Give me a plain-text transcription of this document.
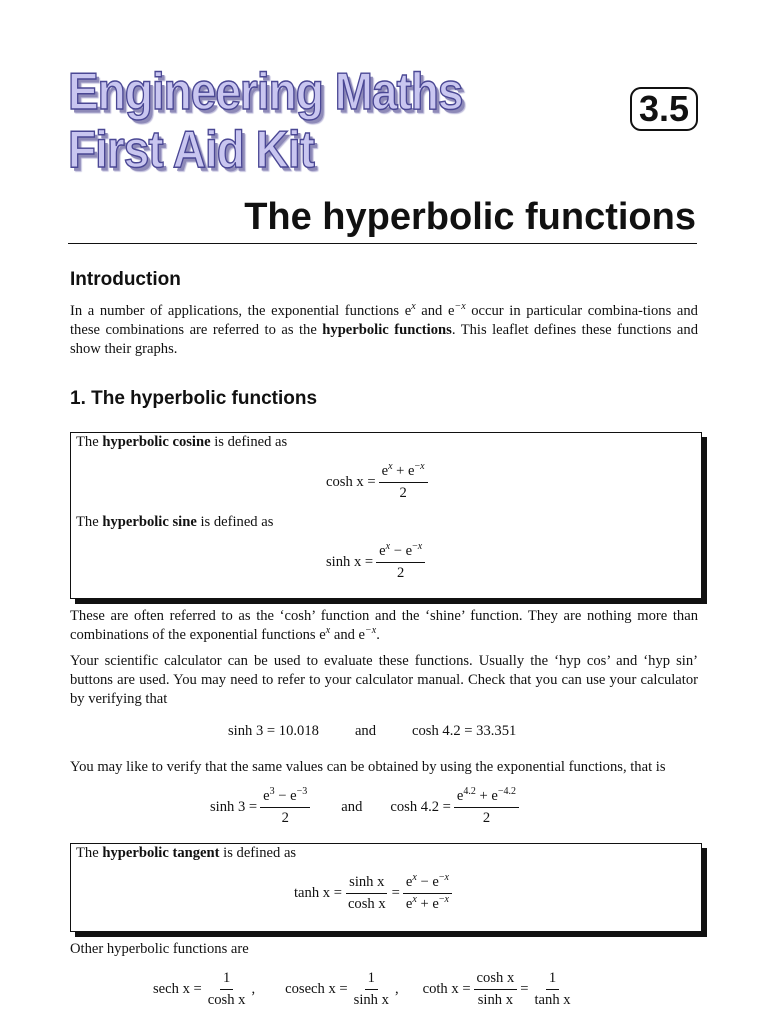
Engineering Maths
First Aid Kit
3.5
The hyperbolic functions
Introduction
In a number of applications, the exponential functions $e^x$ and $e^{-x}$ occur in particular combina-tions and these combinations are referred to as the hyperbolic functions. This leaflet defines these functions and show their graphs.
1. The hyperbolic functions
The hyperbolic cosine is defined as
$\cosh x = \frac{e^x + e^{-x}}{2}$
The hyperbolic sine is defined as
$\sinh x = \frac{e^x - e^{-x}}{2}$
These are often referred to as the ‘cosh’ function and the ‘shine’ function. They are nothing more than combinations of the exponential functions $e^x$ and $e^{-x}$.
Your scientific calculator can be used to evaluate these functions. Usually the ‘hyp cos’ and ‘hyp sin’ buttons are used. You may need to refer to your calculator manual. Check that you can use your calculator by verifying that
sinh 3 = 10.018 and cosh 4.2 = 33.351
You may like to verify that the same values can be obtained by using the exponential functions, that is
$\sinh 3 = \frac{e^3 - e^{-3}}{2}$ and $\cosh 4.2 = \frac{e^{4.2} + e^{-4.2}}{2}$
The hyperbolic tangent is defined as
$\tanh x = \frac{\text{sinh x}}{\text{cosh x}} = \frac{e^x - e^{-x}}{e^x + e^{-x}}$
Other hyperbolic functions are
sech $x = \frac{1}{\text{cosh x}}$ , cosech $x = \frac{1}{\text{sinh x}}$ , coth $x = \frac{\text{cosh x}}{\text{sinh x}} = \frac{1}{\text{tanh x}}$
